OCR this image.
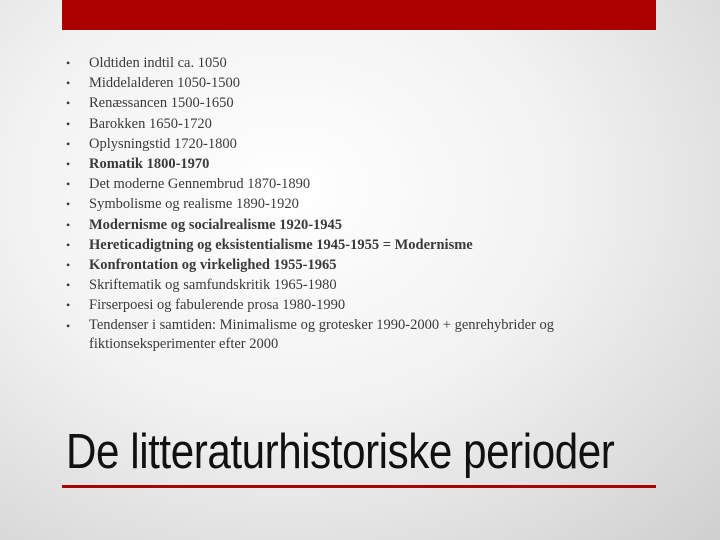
• Oldtiden indtil ca. 1050
• Middelalderen 1050-1500
• Renæssancen 1500-1650
• Barokken 1650-1720
• Oplysningstid 1720-1800
• Romatik 1800-1970
• Det moderne Gennembrud 1870-1890
• Symbolisme og realisme 1890-1920
• Modernisme og socialrealisme 1920-1945
• Hereticadigtning og eksistentialisme 1945-1955 = Modernisme
• Konfrontation og virkelighed 1955-1965
• Skriftematik og samfundskritik 1965-1980
• Firserpoesi og fabulerende prosa 1980-1990
• Tendenser i samtiden: Minimalisme og grotesker 1990-2000 + genrehybrider og fiktionseksperimenter efter 2000
De litteraturhistoriske perioder
